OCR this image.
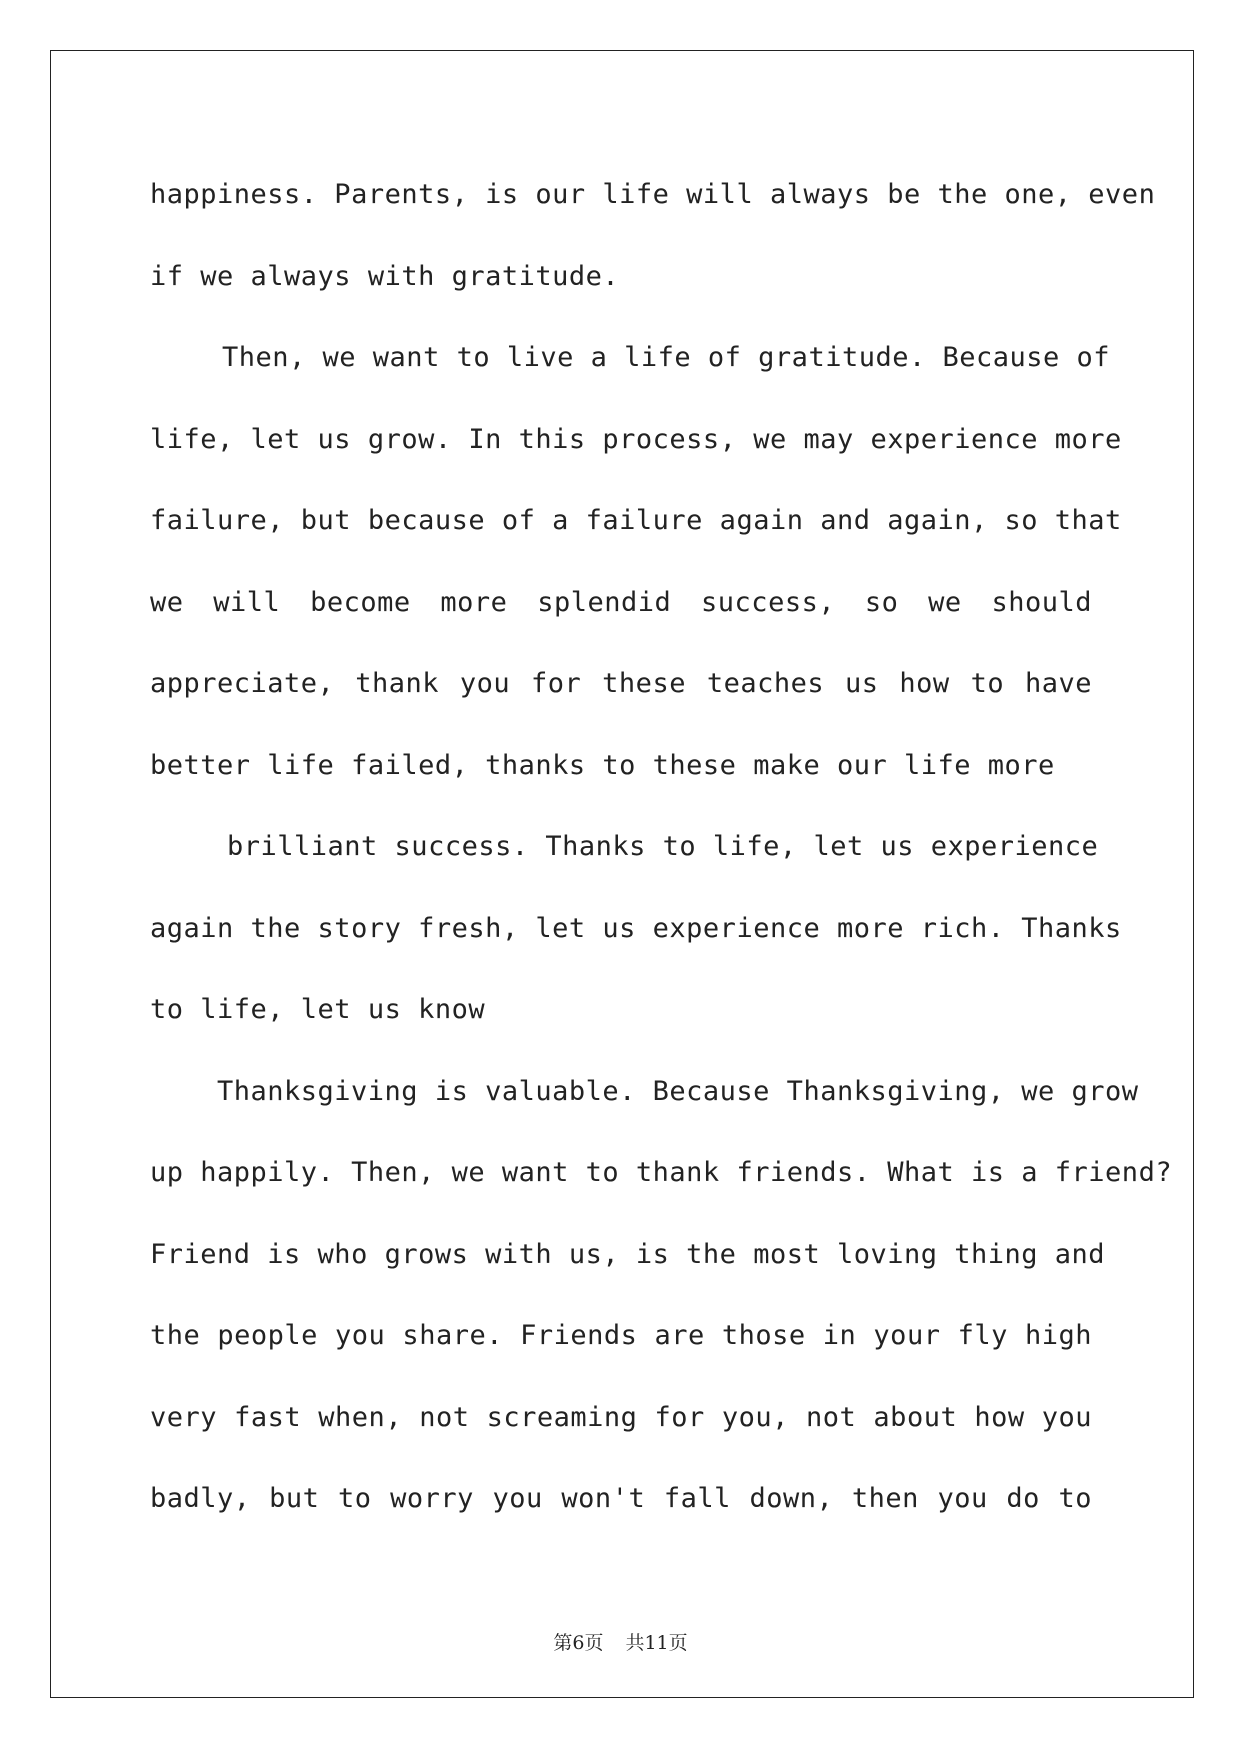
happiness. Parents, is our life will always be the one, even
if we always with gratitude.
Then, we want to live a life of gratitude. Because of
life, let us grow. In this process, we may experience more
failure, but because of a failure again and again, so that
we will become more splendid success, so we should
appreciate, thank you for these teaches us how to have
better life failed, thanks to these make our life more
brilliant success. Thanks to life, let us experience
again the story fresh, let us experience more rich. Thanks
to life, let us know
Thanksgiving is valuable. Because Thanksgiving, we grow
up happily. Then, we want to thank friends. What is a friend?
Friend is who grows with us, is the most loving thing and
the people you share. Friends are those in your fly high
very fast when, not screaming for you, not about how you
badly, but to worry you won't fall down, then you do to
第6页 共11页
